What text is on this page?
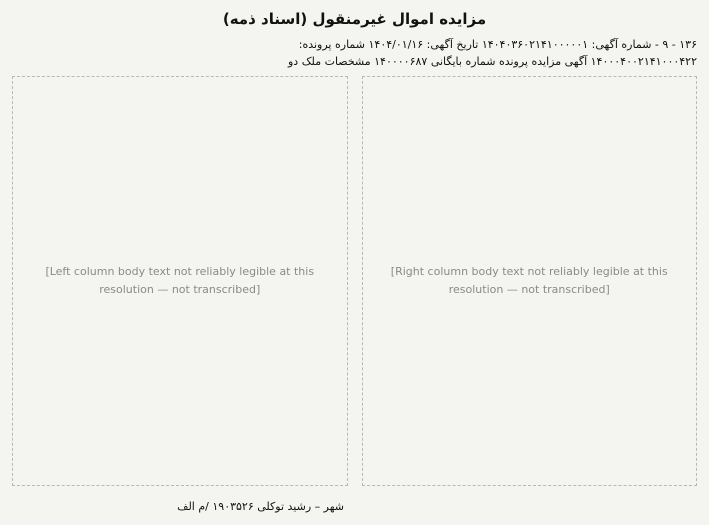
مزایده اموال غیرمنقول (اسناد ذمه)
۱۳۶ - ۹ - شماره آگهی: ۱۴۰۴۰۳۶۰۲۱۴۱۰۰۰۰۰۱ تاریخ آگهی: ۱۴۰۴/۰۱/۱۶ شماره پرونده:
۱۴۰۰۰۴۰۰۲۱۴۱۰۰۰۴۲۲ آگهی مزایده پرونده شماره بایگانی ۱۴۰۰۰۰۶۸۷ مشخصات ملک دو
[Right column body text not reliably legible at this resolution — not transcribed]
[Left column body text not reliably legible at this resolution — not transcribed]
شهر – رشید توکلی ۱۹۰۳۵۲۶ /م الف
